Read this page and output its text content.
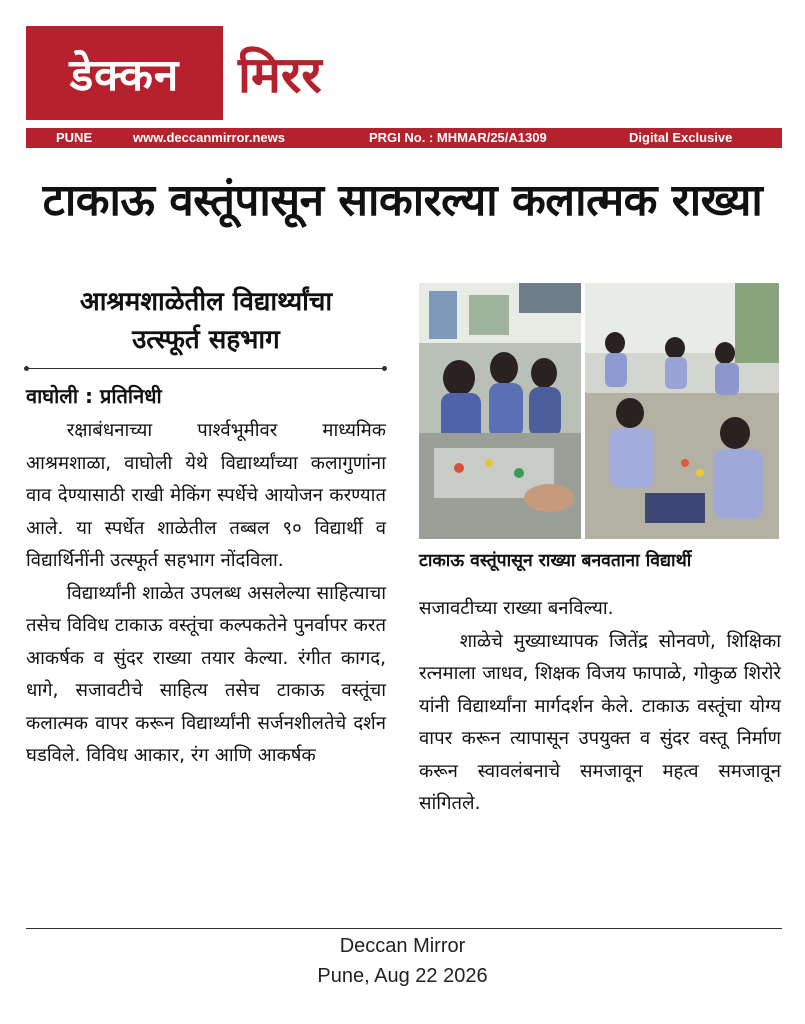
डेक्कन	मिरर
PUNE	www.deccanmirror.news	PRGI No. : MHMAR/25/A1309	Digital Exclusive
टाकाऊ वस्तूंपासून साकारल्या कलात्मक राख्या
आश्रमशाळेतील विद्यार्थ्यांचा
उत्स्फूर्त सहभाग
वाघोली : प्रतिनिधी

रक्षाबंधनाच्या पार्श्वभूमीवर माध्यमिक आश्रमशाळा, वाघोली येथे विद्यार्थ्यांच्या कलागुणांना वाव देण्यासाठी राखी मेकिंग स्पर्धेचे आयोजन करण्यात आले. या स्पर्धेत शाळेतील तब्बल ९० विद्यार्थी व विद्यार्थिनींनी उत्स्फूर्त सहभाग नोंदविला.

विद्यार्थ्यांनी शाळेत उपलब्ध असलेल्या साहित्याचा तसेच विविध टाकाऊ वस्तूंचा कल्पकतेने पुनर्वापर करत आकर्षक व सुंदर राख्या तयार केल्या. रंगीत कागद, धागे, सजावटीचे साहित्य तसेच टाकाऊ वस्तूंचा कलात्मक वापर करून विद्यार्थ्यांनी सर्जनशीलतेचे दर्शन घडविले. विविध आकार, रंग आणि आकर्षक

टाकाऊ वस्तूंपासून राख्या बनवताना विद्यार्थी

सजावटीच्या राख्या बनविल्या.

शाळेचे मुख्याध्यापक जितेंद्र सोनवणे, शिक्षिका रत्नमाला जाधव, शिक्षक विजय फापाळे, गोकुळ शिरोरे यांनी विद्यार्थ्यांना मार्गदर्शन केले. टाकाऊ वस्तूंचा योग्य वापर करून त्यापासून उपयुक्त व सुंदर वस्तू निर्माण करून स्वावलंबनाचे समजावून महत्व समजावून सांगितले.

Deccan Mirror
Pune, Aug 22 2026
